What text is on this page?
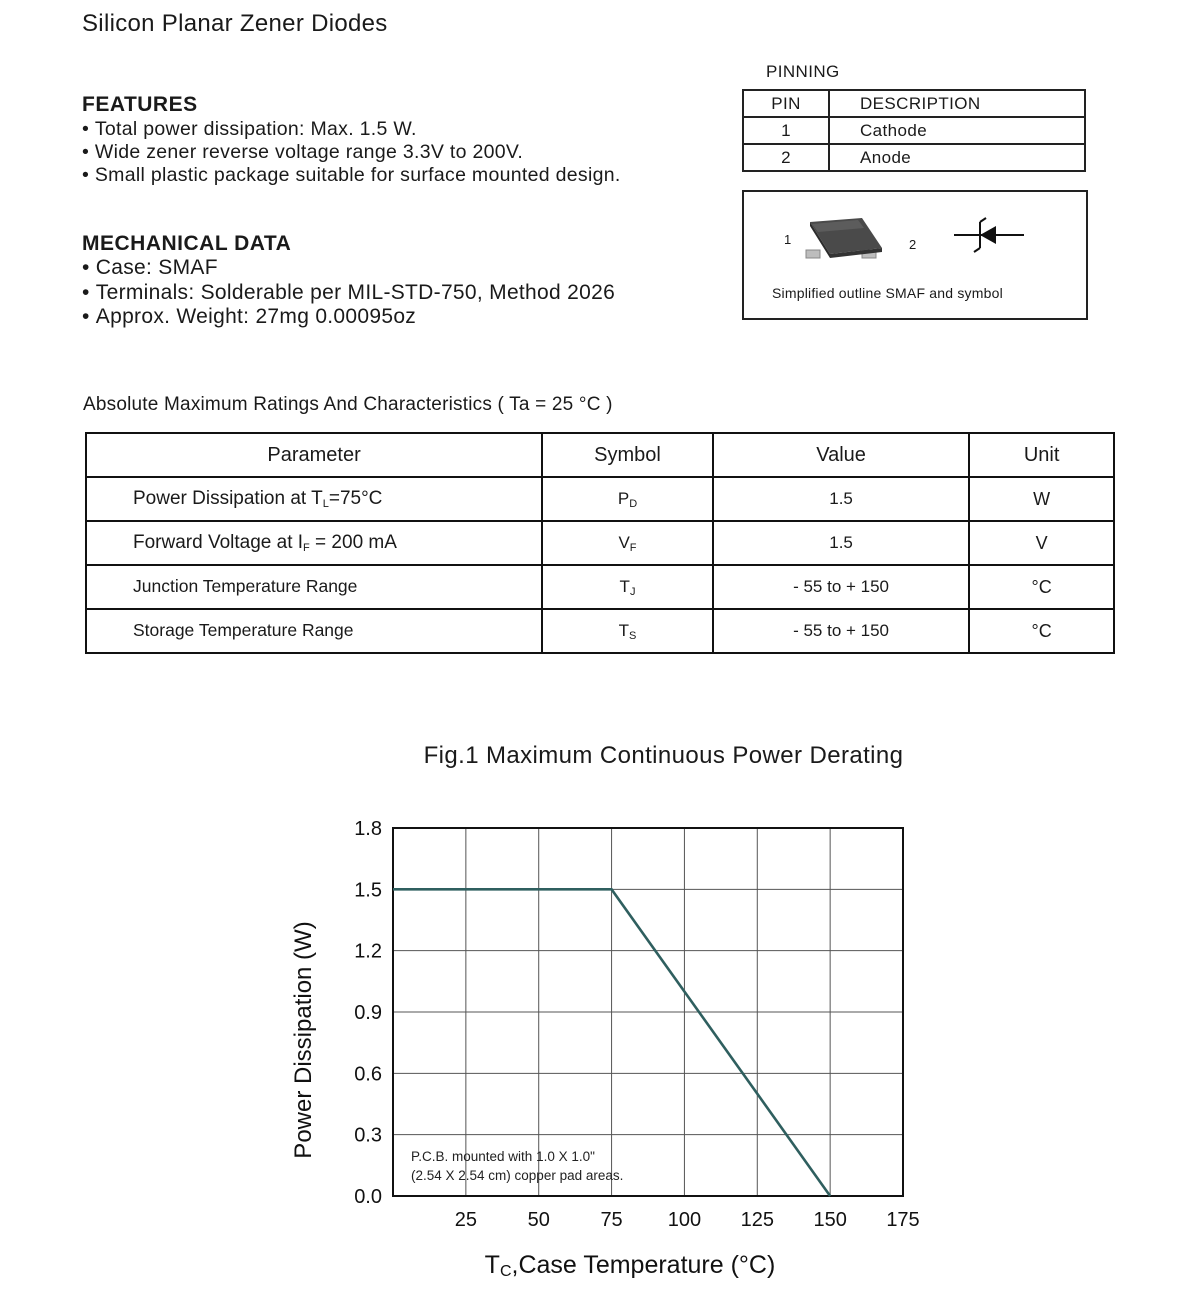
Silicon Planar Zener Diodes
FEATURES
• Total power dissipation: Max. 1.5 W.
• Wide zener reverse voltage range 3.3V to 200V.
• Small plastic package suitable for surface mounted design.
MECHANICAL DATA
• Case: SMAF
• Terminals: Solderable per MIL-STD-750, Method 2026
• Approx. Weight: 27mg 0.00095oz
PINNING
PIN	DESCRIPTION
1	Cathode
2	Anode
1	2
Simplified outline SMAF and symbol
Absolute Maximum Ratings And Characteristics ( Ta = 25 °C )
Parameter	Symbol	Value	Unit
Power Dissipation at $T_L=75^\circ C$	$P_D$	1.5	W
Forward Voltage at $I_F = 200$ mA	$V_F$	1.5	V
Junction Temperature Range	$T_J$	- 55 to + 150	°C
Storage Temperature Range	$T_S$	- 55 to + 150	°C
Fig.1 Maximum Continuous Power Derating
0.0
0.3
0.6
0.9
1.2
1.5
1.8
25	50	75 100 125 150 175
P.C.B. mounted with 1.0 X 1.0"
(2.54 X 2.54 cm) copper pad areas.
Power Dissipation (W)
TC,Case Temperature (°C)
